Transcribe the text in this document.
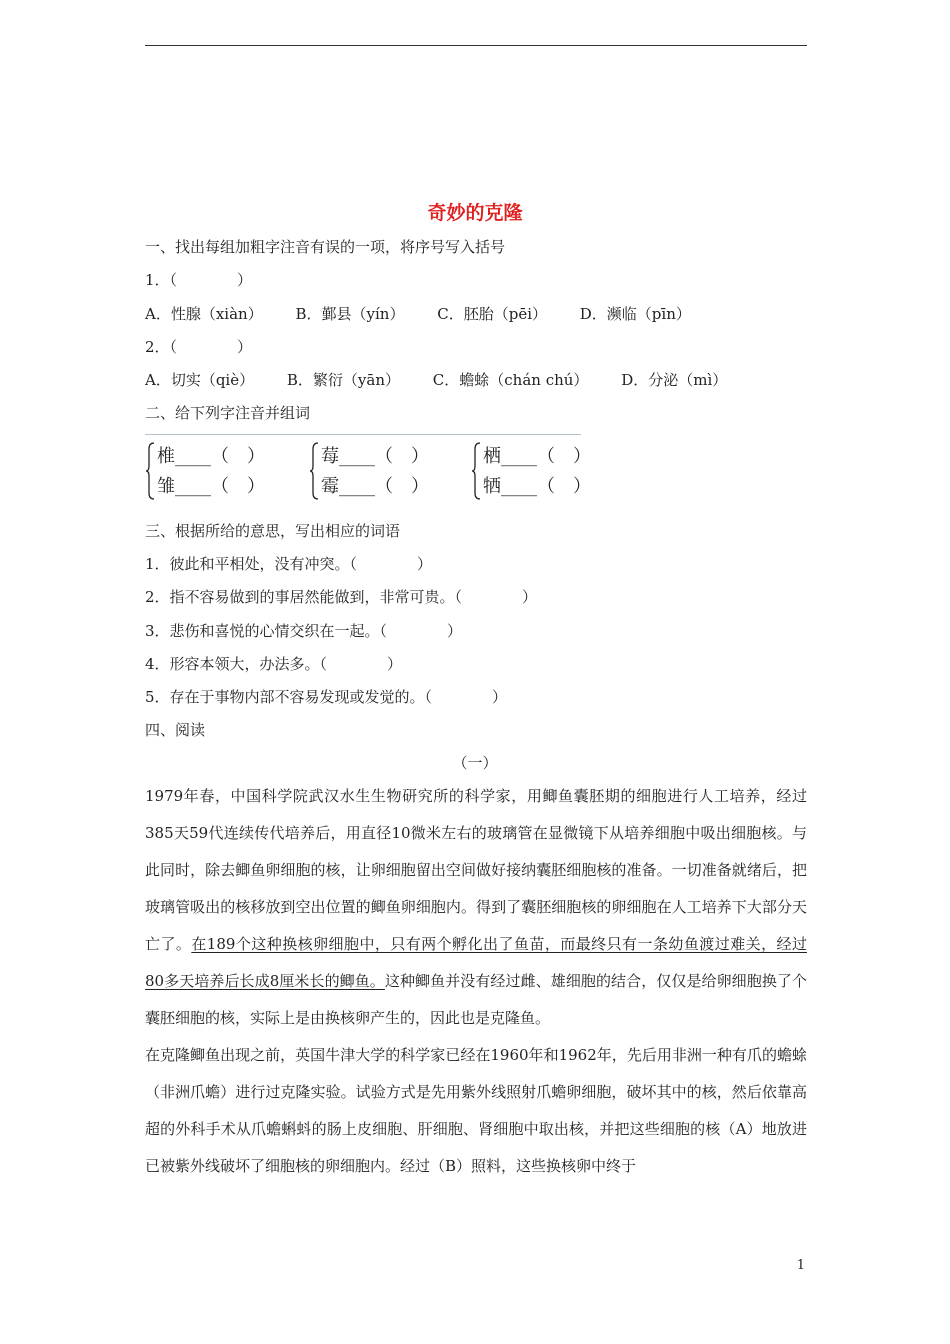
奇妙的克隆
一、找出每组加粗字注音有误的一项，将序号写入括号
1．（　　　　）
A．性腺（xiàn） B．鄞县（yín） C．胚胎（pēi） D．濒临（pīn）
2．（　　　　）
A．切实（qiè） B．繁衍（yān） C．蟾蜍（chán chú） D．分泌（mì）
二、给下列字注音并组词
椎____（　）
雏____（　）
莓____（　）
霉____（　）
栖____（　）
牺____（　）
三、根据所给的意思，写出相应的词语
1．彼此和平相处，没有冲突。（　　　　）
2．指不容易做到的事居然能做到，非常可贵。（　　　　）
3．悲伤和喜悦的心情交织在一起。（　　　　）
4．形容本领大，办法多。（　　　　）
5．存在于事物内部不容易发现或发觉的。（　　　　）
四、阅读
（一）

1979年春，中国科学院武汉水生生物研究所的科学家，用鲫鱼囊胚期的细胞进行人工培养，经过385天59代连续传代培养后，用直径10微米左右的玻璃管在显微镜下从培养细胞中吸出细胞核。与此同时，除去鲫鱼卵细胞的核，让卵细胞留出空间做好接纳囊胚细胞核的准备。一切准备就绪后，把玻璃管吸出的核移放到空出位置的鲫鱼卵细胞内。得到了囊胚细胞核的卵细胞在人工培养下大部分天亡了。在189个这种换核卵细胞中，只有两个孵化出了鱼苗，而最终只有一条幼鱼渡过难关，经过80多天培养后长成8厘米长的鲫鱼。这种鲫鱼并没有经过雌、雄细胞的结合，仅仅是给卵细胞换了个囊胚细胞的核，实际上是由换核卵产生的，因此也是克隆鱼。

在克隆鲫鱼出现之前，英国牛津大学的科学家已经在1960年和1962年，先后用非洲一种有爪的蟾蜍（非洲爪蟾）进行过克隆实验。试验方式是先用紫外线照射爪蟾卵细胞，破坏其中的核，然后依靠高超的外科手术从爪蟾蝌蚪的肠上皮细胞、肝细胞、肾细胞中取出核，并把这些细胞的核（A）地放进已被紫外线破坏了细胞核的卵细胞内。经过（B）照料，这些换核卵中终于

1
